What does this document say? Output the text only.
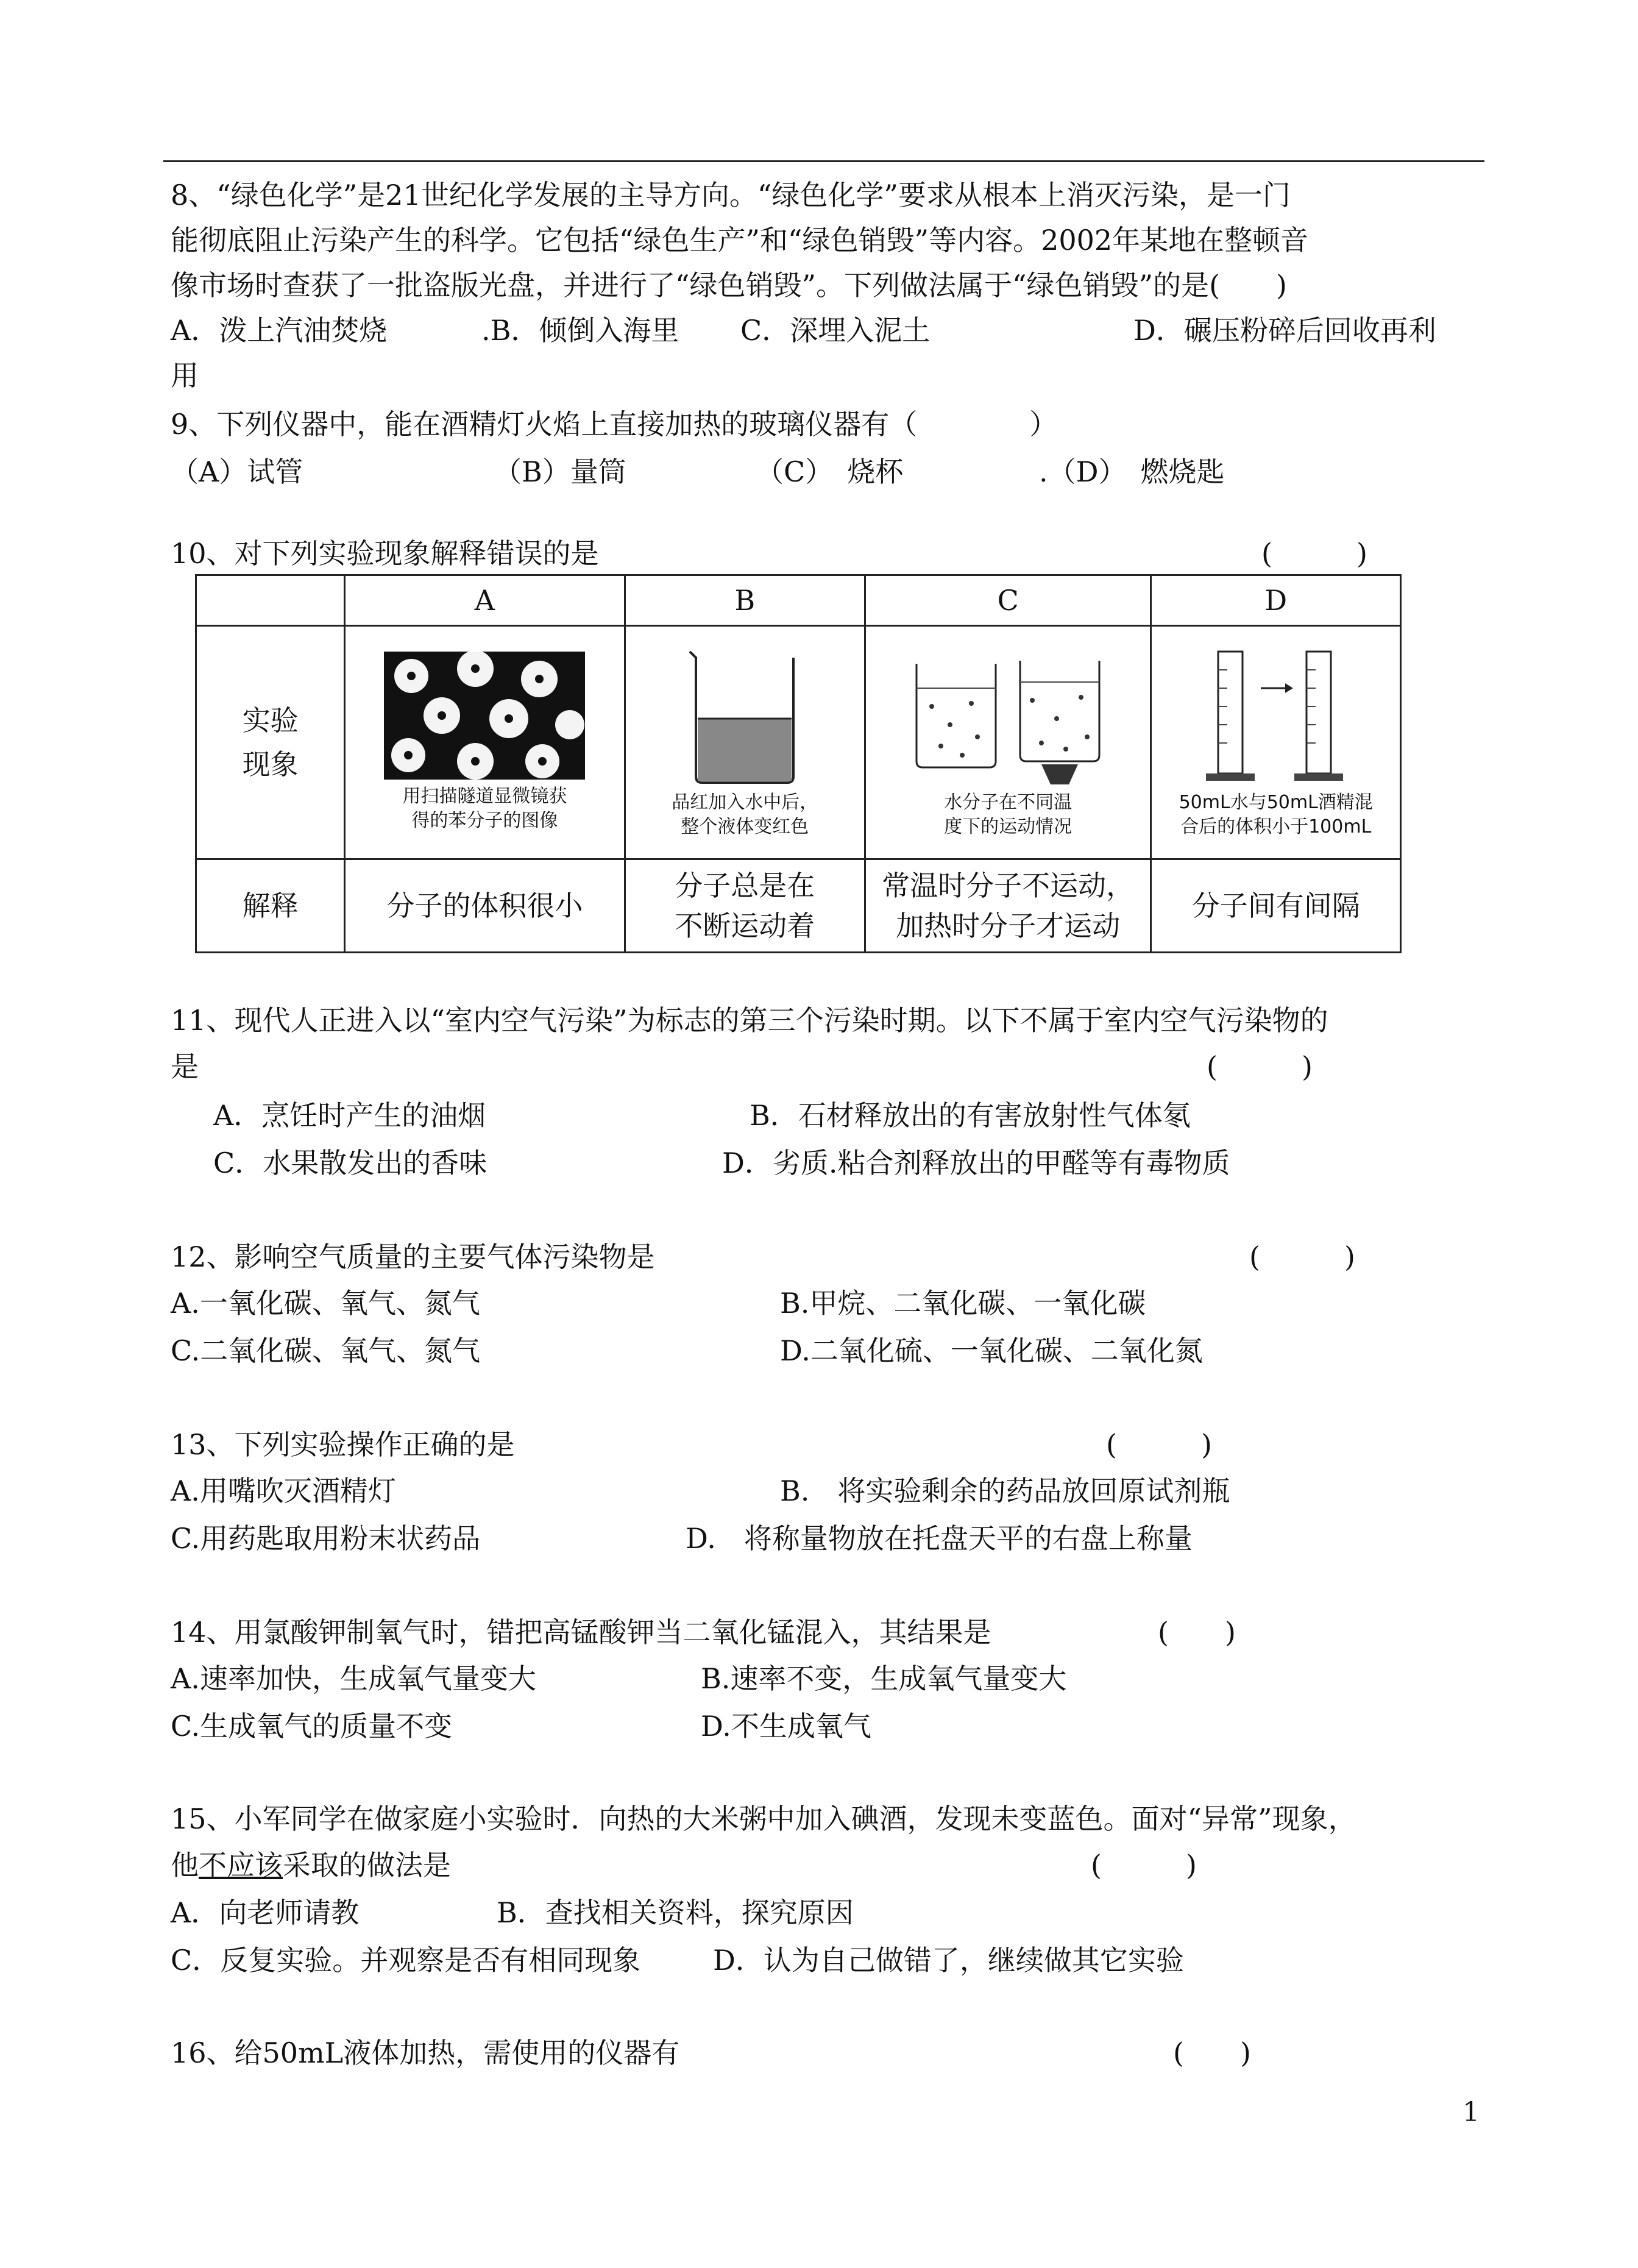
8、“绿色化学”是21世纪化学发展的主导方向。“绿色化学”要求从根本上消灭污染，是一门
能彻底阻止污染产生的科学。它包括“绿色生产”和“绿色销毁”等内容。2002年某地在整顿音
像市场时查获了一批盗版光盘，并进行了“绿色销毁”。下列做法属于“绿色销毁”的是(　　)
A．泼上汽油焚烧	.B．倾倒入海里 C．深埋入泥土	D．碾压粉碎后回收再利
用
9、下列仪器中，能在酒精灯火焰上直接加热的玻璃仪器有（　　　　）
（A）试管	（B）量筒	（C）　烧杯	.（D）　燃烧匙
10、对下列实验现象解释错误的是	(　　　)
	A	B	C	D
实验
现象	用扫描隧道显微镜获
得的苯分子的图像	品红加入水中后，
整个液体变红色	水分子在不同温
度下的运动情况	50mL水与50mL酒精混
合后的体积小于100mL

解释	分子的体积很小	分子总是在
不断运动着	常温时分子不运动，
加热时分子才运动	分子间有间隔
11、现代人正进入以“室内空气污染”为标志的第三个污染时期。以下不属于室内空气污染物的
是	(　　　)
A．烹饪时产生的油烟	B．石材释放出的有害放射性气体氡
C．水果散发出的香味	D．劣质.粘合剂释放出的甲醛等有毒物质
12、影响空气质量的主要气体污染物是	(　　　)
A.一氧化碳、氧气、氮气	B.甲烷、二氧化碳、一氧化碳
C.二氧化碳、氧气、氮气	D.二氧化硫、一氧化碳、二氧化氮
13、下列实验操作正确的是	(　　　)
A.用嘴吹灭酒精灯	B.　将实验剩余的药品放回原试剂瓶
C.用药匙取用粉末状药品	D.　将称量物放在托盘天平的右盘上称量
14、用氯酸钾制氧气时，错把高锰酸钾当二氧化锰混入，其结果是	(　　)
A.速率加快，生成氧气量变大	B.速率不变，生成氧气量变大
C.生成氧气的质量不变	D.不生成氧气
15、小军同学在做家庭小实验时．向热的大米粥中加入碘酒，发现未变蓝色。面对“异常”现象，
他不应该采取的做法是	(　　　)
A．向老师请教	B．查找相关资料，探究原因
C．反复实验。并观察是否有相同现象	D．认为自己做错了，继续做其它实验
16、给50mL液体加热，需使用的仪器有	(　　)
1
